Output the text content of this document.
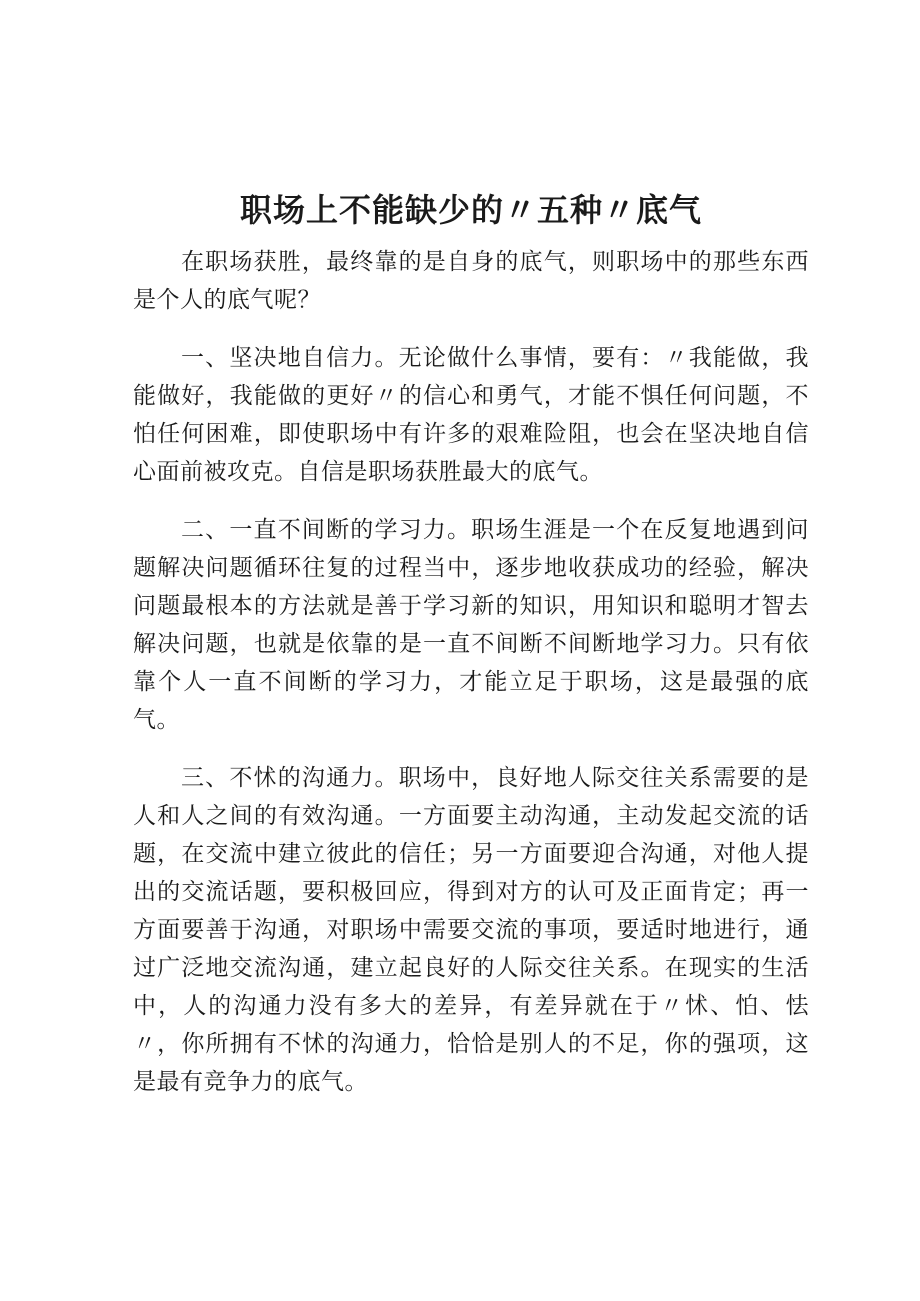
职场上不能缺少的〃五种〃底气

在职场获胜，最终靠的是自身的底气，则职场中的那些东西是个人的底气呢？

一、坚决地自信力。无论做什么事情，要有：〃我能做，我能做好，我能做的更好〃的信心和勇气，才能不惧任何问题，不怕任何困难，即使职场中有许多的艰难险阻，也会在坚决地自信心面前被攻克。自信是职场获胜最大的底气。

二、一直不间断的学习力。职场生涯是一个在反复地遇到问题解决问题循环往复的过程当中，逐步地收获成功的经验，解决问题最根本的方法就是善于学习新的知识，用知识和聪明才智去解决问题，也就是依靠的是一直不间断不间断地学习力。只有依靠个人一直不间断的学习力，才能立足于职场，这是最强的底气。

三、不怵的沟通力。职场中，良好地人际交往关系需要的是人和人之间的有效沟通。一方面要主动沟通，主动发起交流的话题，在交流中建立彼此的信任；另一方面要迎合沟通，对他人提出的交流话题，要积极回应，得到对方的认可及正面肯定；再一方面要善于沟通，对职场中需要交流的事项，要适时地进行，通过广泛地交流沟通，建立起良好的人际交往关系。在现实的生活中，人的沟通力没有多大的差异，有差异就在于〃怵、怕、怯〃，你所拥有不怵的沟通力，恰恰是别人的不足，你的强项，这是最有竞争力的底气。
